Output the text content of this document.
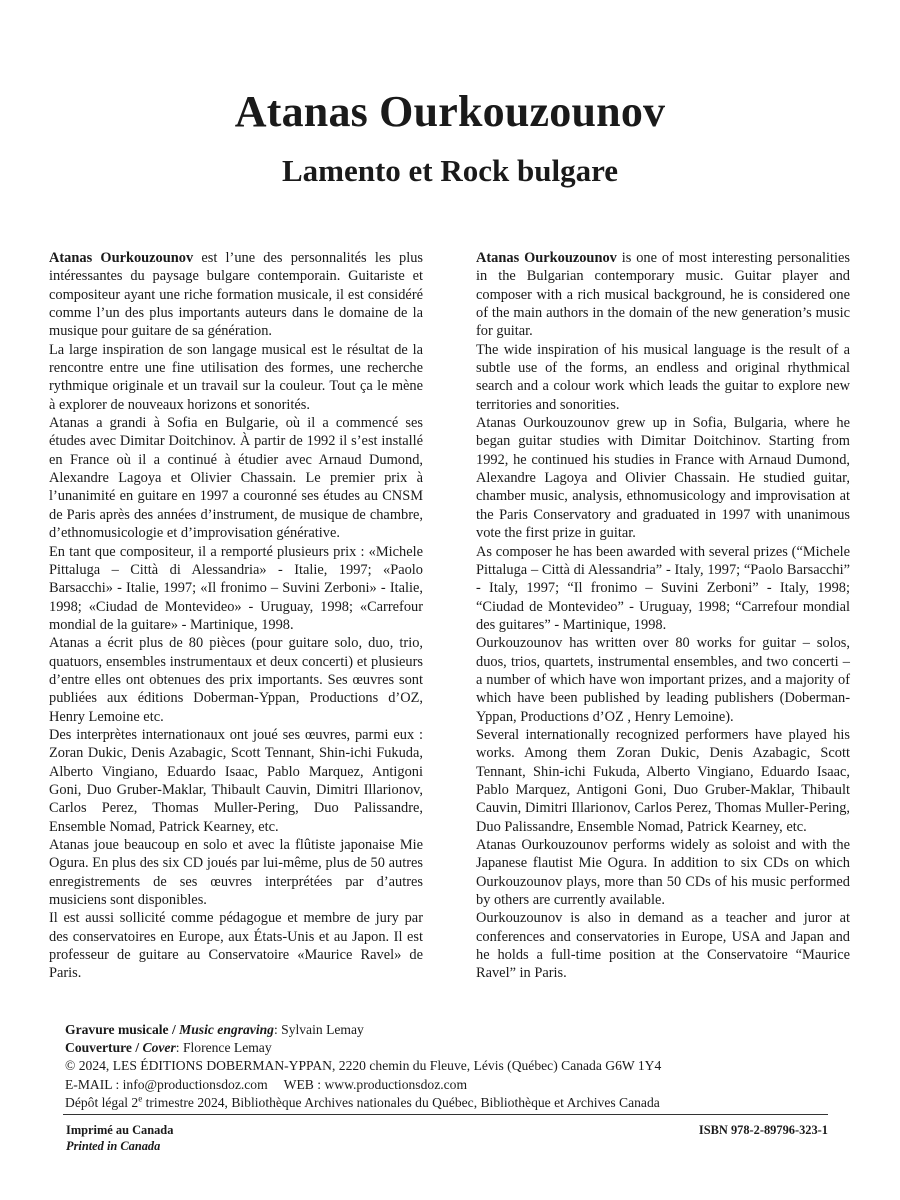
Atanas Ourkouzounov
Lamento et Rock bulgare

Atanas Ourkouzounov est l’une des personnalités les plus intéressantes du paysage bulgare contemporain. Guitariste et compositeur ayant une riche formation musicale, il est considéré comme l’un des plus importants auteurs dans le domaine de la musique pour guitare de sa génération.

La large inspiration de son langage musical est le résultat de la rencontre entre une fine utilisation des formes, une recherche rythmique originale et un travail sur la couleur. Tout ça le mène à explorer de nouveaux horizons et sonorités.

Atanas a grandi à Sofia en Bulgarie, où il a commencé ses études avec Dimitar Doitchinov. À partir de 1992 il s’est installé en France où il a continué à étudier avec Arnaud Dumond, Alexandre Lagoya et Olivier Chassain. Le premier prix à l’unanimité en guitare en 1997 a couronné ses études au CNSM de Paris après des années d’instrument, de musique de chambre, d’ethnomusicologie et d’improvisation générative.

En tant que compositeur, il a remporté plusieurs prix : «Michele Pittaluga – Città di Alessandria» - Italie, 1997; «Paolo Barsacchi» - Italie, 1997; «Il fronimo – Suvini Zerboni» - Italie, 1998; «Ciudad de Montevideo» - Uruguay, 1998; «Carrefour mondial de la guitare» - Martinique, 1998.

Atanas a écrit plus de 80 pièces (pour guitare solo, duo, trio, quatuors, ensembles instrumentaux et deux concerti) et plusieurs d’entre elles ont obtenues des prix importants. Ses œuvres sont publiées aux éditions Doberman-Yppan, Productions d’OZ, Henry Lemoine etc.

Des interprètes internationaux ont joué ses œuvres, parmi eux : Zoran Dukic, Denis Azabagic, Scott Tennant, Shin-ichi Fukuda, Alberto Vingiano, Eduardo Isaac, Pablo Marquez, Antigoni Goni, Duo Gruber-Maklar, Thibault Cauvin, Dimitri Illarionov, Carlos Perez, Thomas Muller-Pering, Duo Palissandre, Ensemble Nomad, Patrick Kearney, etc.

Atanas joue beaucoup en solo et avec la flûtiste japonaise Mie Ogura. En plus des six CD joués par lui-même, plus de 50 autres enregistrements de ses œuvres interprétées par d’autres musiciens sont disponibles.

Il est aussi sollicité comme pédagogue et membre de jury par des conservatoires en Europe, aux États-Unis et au Japon. Il est professeur de guitare au Conservatoire «Maurice Ravel» de Paris.

Atanas Ourkouzounov is one of most interesting personalities in the Bulgarian contemporary music. Guitar player and composer with a rich musical background, he is considered one of the main authors in the domain of the new generation’s music for guitar.

The wide inspiration of his musical language is the result of a subtle use of the forms, an endless and original rhythmical search and a colour work which leads the guitar to explore new territories and sonorities.

Atanas Ourkouzounov grew up in Sofia, Bulgaria, where he began guitar studies with Dimitar Doitchinov. Starting from 1992, he continued his studies in France with Arnaud Dumond, Alexandre Lagoya and Olivier Chassain. He studied guitar, chamber music, analysis, ethnomusicology and improvisation at the Paris Conservatory and graduated in 1997 with unanimous vote the first prize in guitar.

As composer he has been awarded with several prizes (“Michele Pittaluga – Città di Alessandria” - Italy, 1997; “Paolo Barsacchi” - Italy, 1997; “Il fronimo – Suvini Zerboni” - Italy, 1998; “Ciudad de Montevideo” - Uruguay, 1998; “Carrefour mondial des guitares” - Martinique, 1998.

Ourkouzounov has written over 80 works for guitar – solos, duos, trios, quartets, instrumental ensembles, and two concerti – a number of which have won important prizes, and a majority of which have been published by leading publishers (Doberman-Yppan, Productions d’OZ , Henry Lemoine).

Several internationally recognized performers have played his works. Among them Zoran Dukic, Denis Azabagic, Scott Tennant, Shin-ichi Fukuda, Alberto Vingiano, Eduardo Isaac, Pablo Marquez, Antigoni Goni, Duo Gruber-Maklar, Thibault Cauvin, Dimitri Illarionov, Carlos Perez, Thomas Muller-Pering, Duo Palissandre, Ensemble Nomad, Patrick Kearney, etc.

Atanas Ourkouzounov performs widely as soloist and with the Japanese flautist Mie Ogura. In addition to six CDs on which Ourkouzounov plays, more than 50 CDs of his music performed by others are currently available.

Ourkouzounov is also in demand as a teacher and juror at conferences and conservatories in Europe, USA and Japan and he holds a full-time position at the Conservatoire “Maurice Ravel” in Paris.

Gravure musicale / Music engraving: Sylvain Lemay
Couverture / Cover: Florence Lemay
© 2024, LES ÉDITIONS DOBERMAN-YPPAN, 2220 chemin du Fleuve, Lévis (Québec) Canada G6W 1Y4
E-MAIL : info@productionsdoz.com WEB : www.productionsdoz.com
Dépôt légal 2e trimestre 2024, Bibliothèque Archives nationales du Québec, Bibliothèque et Archives Canada
Imprimé au Canada
Printed in Canada
ISBN 978-2-89796-323-1
